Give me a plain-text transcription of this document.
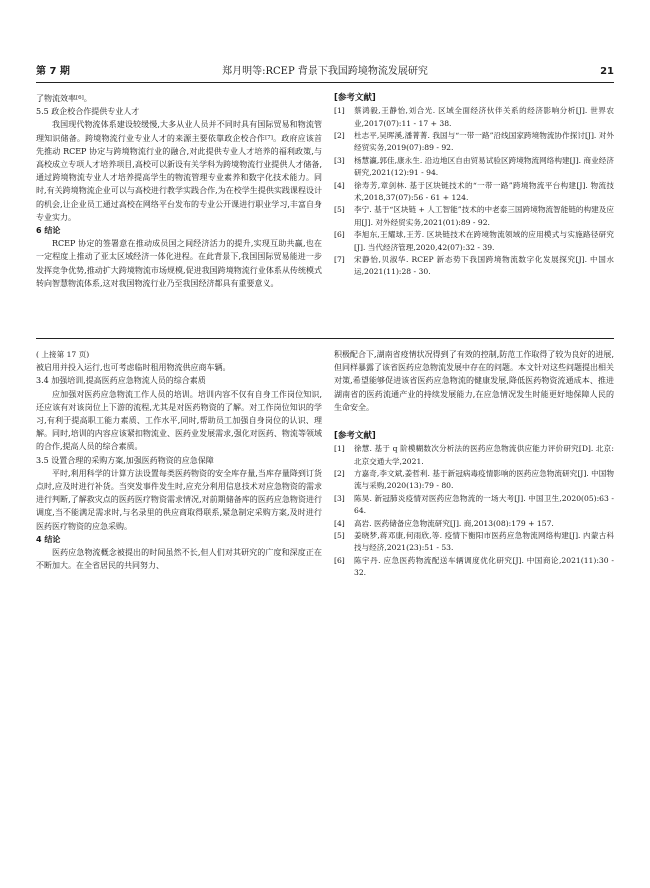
第 7 期	郑月明等:RCEP 背景下我国跨境物流发展研究	21

了物流效率[6]。

5.5 政企校合作提供专业人才

我国现代物流体系建设较缓慢,大多从业人员并不同时具有国际贸易和物流管理知识储备。跨境物流行业专业人才的来源主要依靠政企校合作[7]。政府应该首先推动 RCEP 协定与跨境物流行业的融合,对此提供专业人才培养的福利政策,与高校成立专项人才培养项目,高校可以新设有关学科为跨境物流行业提供人才储备,通过跨境物流专业人才培养提高学生的物流管理专业素养和数字化技术能力。同时,有关跨境物流企业可以与高校进行教学实践合作,为在校学生提供实践课程设计的机会,让企业员工通过高校在网络平台发布的专业公开课进行职业学习,丰富自身专业实力。

6 结论

RCEP 协定的签署意在推动成员国之间经济活力的提升,实现互助共赢,也在一定程度上推动了亚太区域经济一体化进程。在此背景下,我国国际贸易能进一步发挥竞争优势,推动扩大跨境物流市场规模,促进我国跨境物流行业体系从传统模式转向智慧物流体系,这对我国物流行业乃至我国经济都具有重要意义。

[参考文献]

[1]	蔡鸿毅,王静怡,刘合光. 区域全面经济伙伴关系的经济影响分析[J]. 世界农业,2017(07):11 - 17 + 38.
[2]	杜志平,吴晖溪,潘菁菁. 我国与“一带一路”沿线国家跨境物流协作探讨[J]. 对外经贸实务,2019(07):89 - 92.
[3]	杨慧瀛,郭佳,康永生. 沿边地区自由贸易试验区跨境物流网络构建[J]. 商业经济研究,2021(12):91 - 94.
[4]	徐寿芳,章剑林. 基于区块链技术的“一带一路”跨境物流平台构建[J]. 物流技术,2018,37(07):56 - 61 + 124.
[5]	李宁. 基于“区块链 + 人工智能”技术的中老泰三国跨境物流智能链的构建及应用[J]. 对外经贸实务,2021(01):89 - 92.
[6]	李旭东,王耀球,王芳. 区块链技术在跨境物流领域的应用模式与实施路径研究[J]. 当代经济管理,2020,42(07):32 - 39.
[7]	宋静怡,贝淑华. RCEP 新态势下我国跨境物流数字化发展探究[J]. 中国水运,2021(11):28 - 30.

( 上接第 17 页)

被启用并投入运行,也可考虑临时租用物流供应商车辆。

3.4 加强培训,提高医药应急物流人员的综合素质

应加强对医药应急物流工作人员的培训。培训内容不仅有自身工作岗位知识,还应该有对该岗位上下游的流程,尤其是对医药物资的了解。对工作岗位知识的学习,有利于提高职工能力素质、工作水平,同时,帮助员工加强自身岗位的认识、理解。同时,培训的内容应该紧扣物流业、医药业发展需求,强化对医药、物流等领域的合作,提高人员的综合素质。

3.5 设置合理的采购方案,加强医药物资的应急保障

平时,利用科学的计算方法设置每类医药物资的安全库存量,当库存量降到订货点时,应及时进行补货。当突发事件发生时,应充分利用信息技术对应急物资的需求进行判断,了解救灾点的医药医疗物资需求情况,对前期储备库的医药应急物资进行调度,当不能满足需求时,与名录里的供应商取得联系,紧急制定采购方案,及时进行医药医疗物资的应急采购。

4 结论

医药应急物流概念被提出的时间虽然不长,但人们对其研究的广度和深度正在不断加大。在全省居民的共同努力、

积极配合下,湖南省疫情状况得到了有效的控制,防范工作取得了较为良好的进展,但同样暴露了该省医药应急物流发展中存在的问题。本文针对这些问题提出相关对策,希望能够促进该省医药应急物流的健康发展,降低医药物资流通成本、推进湖南省的医药流通产业的持续发展能力,在应急情况发生时能更好地保障人民的生命安全。

[参考文献]

[1]	徐慧. 基于 q 阶模糊数次分析法的医药应急物流供应能力评价研究[D]. 北京:北京交通大学,2021.
[2]	方嘉奇,李文斌,姜哲利. 基于新冠病毒疫情影响的医药应急物流研究[J]. 中国物流与采购,2020(13):79 - 80.
[3]	陈昊. 新冠肺炎疫情对医药应急物流的一场大考[J]. 中国卫生,2020(05):63 - 64.
[4]	高岩. 医药储备应急物流研究[J]. 商,2013(08):179 + 157.
[5]	姜晓梦,蒋邓康,何雨欣,等. 疫情下衡阳市医药应急物流网络构建[J]. 内蒙古科技与经济,2021(23):51 - 53.
[6]	陈宇丹. 应急医药物流配送车辆调度优化研究[J]. 中国商论,2021(11):30 - 32.
